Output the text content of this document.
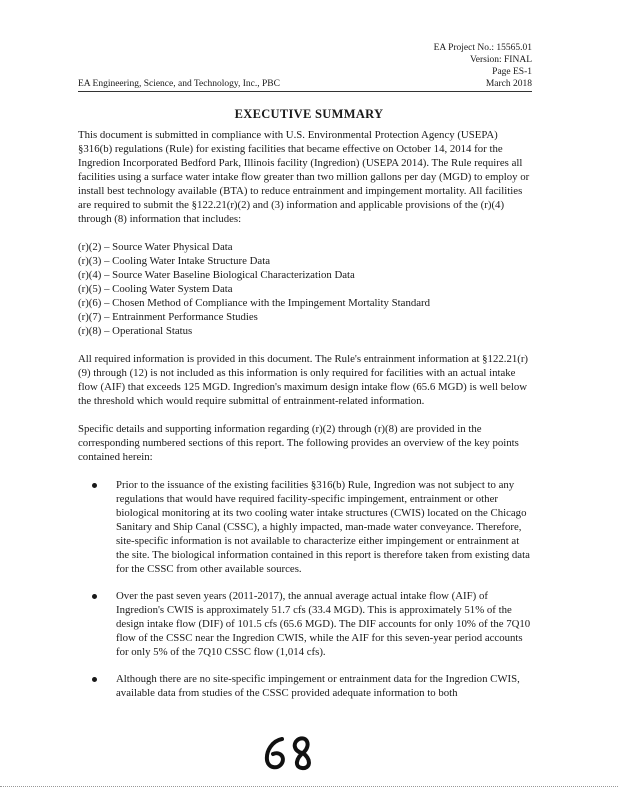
EA Project No.: 15565.01
Version: FINAL
Page ES-1
March 2018
EA Engineering, Science, and Technology, Inc., PBC
EXECUTIVE SUMMARY

This document is submitted in compliance with U.S. Environmental Protection Agency (USEPA) §316(b) regulations (Rule) for existing facilities that became effective on October 14, 2014 for the Ingredion Incorporated Bedford Park, Illinois facility (Ingredion) (USEPA 2014). The Rule requires all facilities using a surface water intake flow greater than two million gallons per day (MGD) to employ or install best technology available (BTA) to reduce entrainment and impingement mortality. All facilities are required to submit the §122.21(r)(2) and (3) information and applicable provisions of the (r)(4) through (8) information that includes:

(r)(2) – Source Water Physical Data
(r)(3) – Cooling Water Intake Structure Data
(r)(4) – Source Water Baseline Biological Characterization Data
(r)(5) – Cooling Water System Data
(r)(6) – Chosen Method of Compliance with the Impingement Mortality Standard
(r)(7) – Entrainment Performance Studies
(r)(8) – Operational Status

All required information is provided in this document. The Rule's entrainment information at §122.21(r)(9) through (12) is not included as this information is only required for facilities with an actual intake flow (AIF) that exceeds 125 MGD. Ingredion's maximum design intake flow (65.6 MGD) is well below the threshold which would require submittal of entrainment-related information.

Specific details and supporting information regarding (r)(2) through (r)(8) are provided in the corresponding numbered sections of this report. The following provides an overview of the key points contained herein:

Prior to the issuance of the existing facilities §316(b) Rule, Ingredion was not subject to any regulations that would have required facility-specific impingement, entrainment or other biological monitoring at its two cooling water intake structures (CWIS) located on the Chicago Sanitary and Ship Canal (CSSC), a highly impacted, man-made water conveyance. Therefore, site-specific information is not available to characterize either impingement or entrainment at the site. The biological information contained in this report is therefore taken from existing data for the CSSC from other available sources.
Over the past seven years (2011-2017), the annual average actual intake flow (AIF) of Ingredion's CWIS is approximately 51.7 cfs (33.4 MGD). This is approximately 51% of the design intake flow (DIF) of 101.5 cfs (65.6 MGD). The DIF accounts for only 10% of the 7Q10 flow of the CSSC near the Ingredion CWIS, while the AIF for this seven-year period accounts for only 5% of the 7Q10 CSSC flow (1,014 cfs).
Although there are no site-specific impingement or entrainment data for the Ingredion CWIS, available data from studies of the CSSC provided adequate information to both
